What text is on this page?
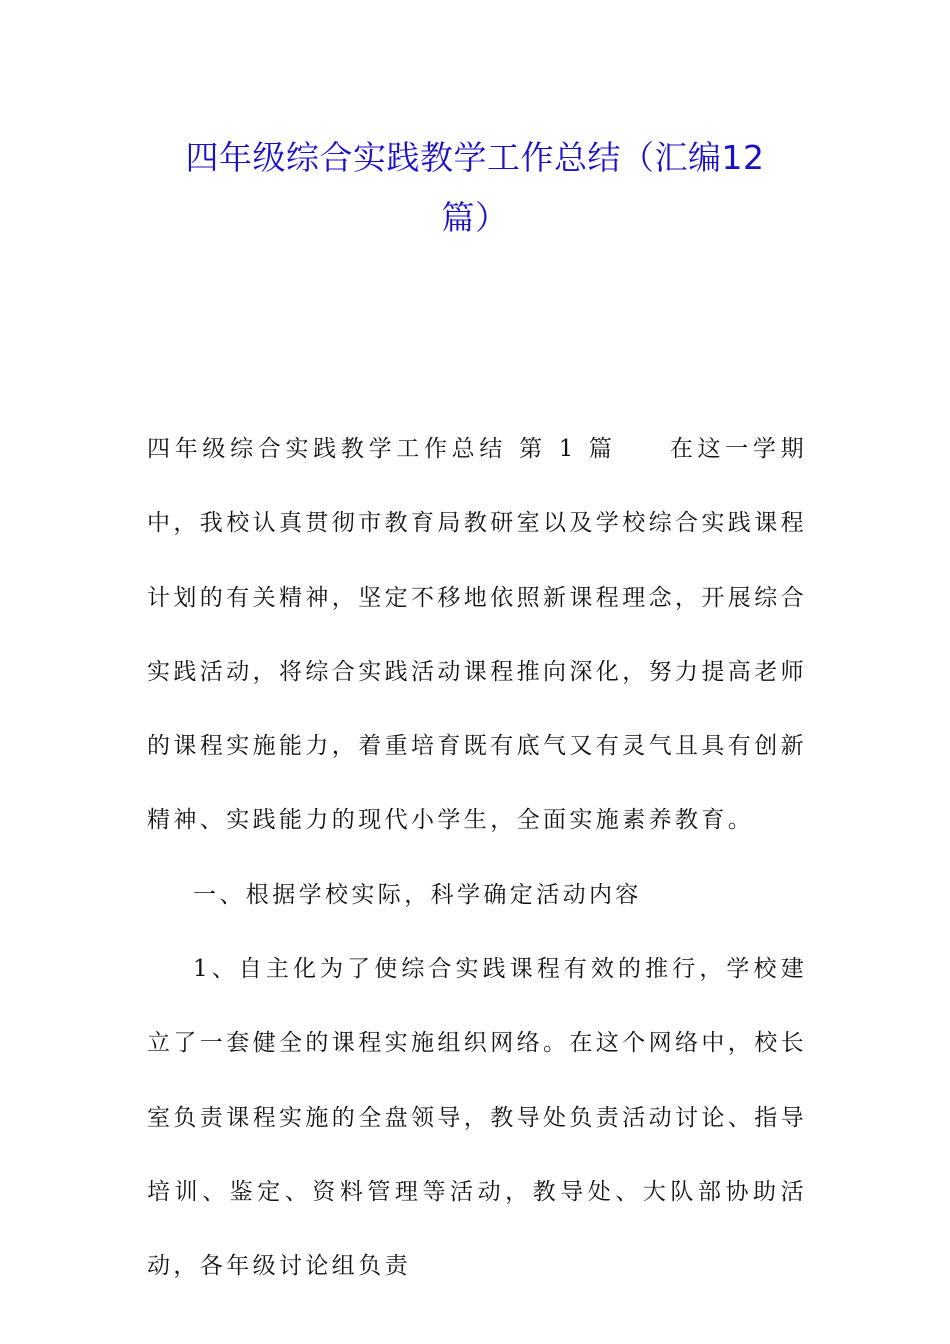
四年级综合实践教学工作总结（汇编12
篇）

四年级综合实践教学工作总结 第 1 篇 在这一学期中，我校认真贯彻市教育局教研室以及学校综合实践课程计划的有关精神，坚定不移地依照新课程理念，开展综合实践活动，将综合实践活动课程推向深化，努力提高老师的课程实施能力，着重培育既有底气又有灵气且具有创新精神、实践能力的现代小学生，全面实施素养教育。

一、根据学校实际，科学确定活动内容

1、自主化为了使综合实践课程有效的推行，学校建立了一套健全的课程实施组织网络。在这个网络中，校长室负责课程实施的全盘领导，教导处负责活动讨论、指导培训、鉴定、资料管理等活动，教导处、大队部协助活动，各年级讨论组负责
